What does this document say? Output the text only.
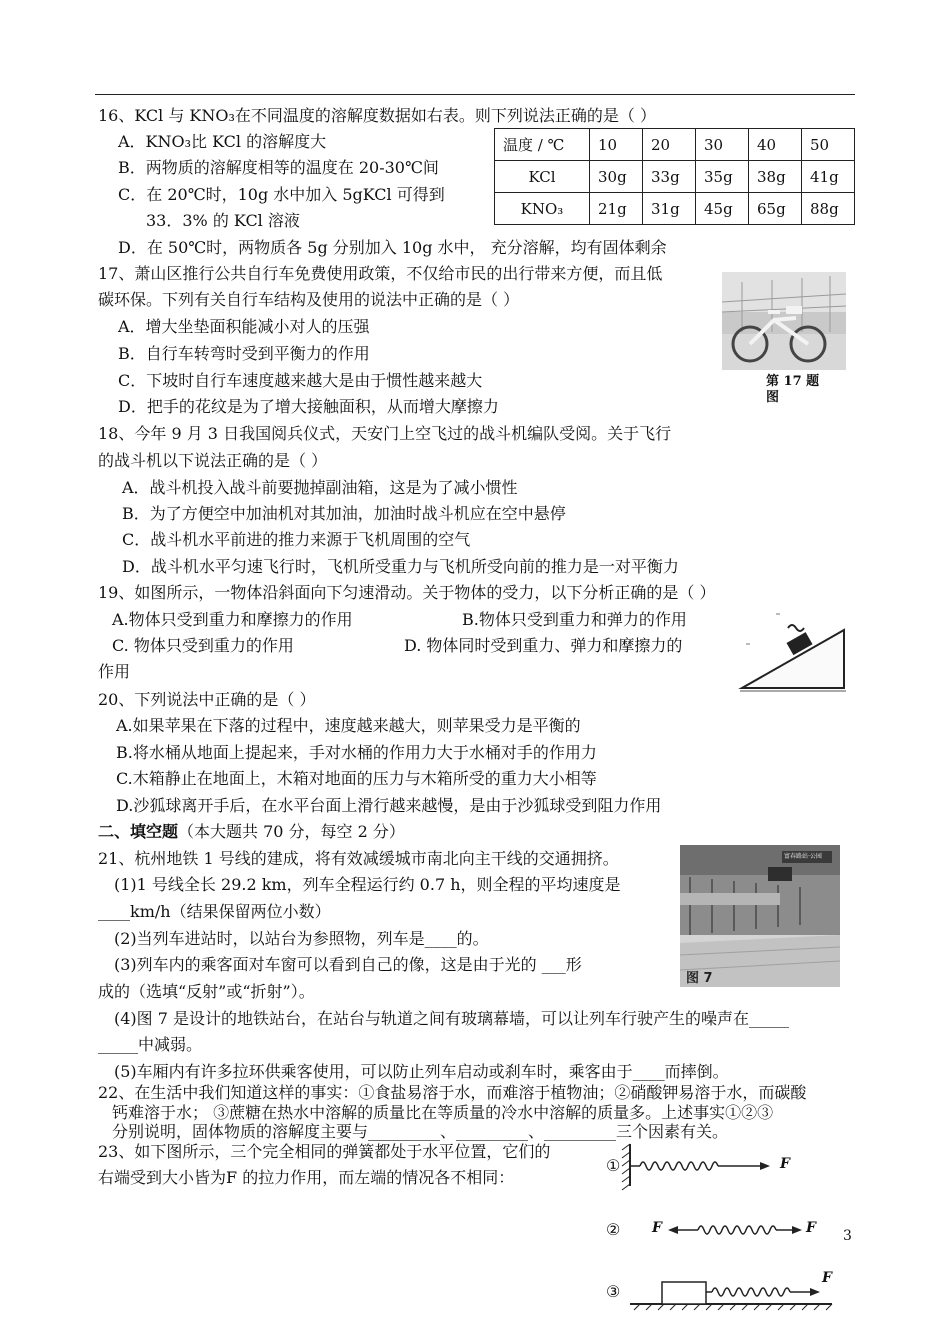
16、KCl 与 KNO₃在不同温度的溶解度数据如右表。则下列说法正确的是（ ）
A．KNO₃比 KCl 的溶解度大
B．两物质的溶解度相等的温度在 20-30℃间
C．在 20℃时，10g 水中加入 5gKCl 可得到
33．3% 的 KCl 溶液
D．在 50℃时，两物质各 5g 分别加入 10g 水中， 充分溶解，均有固体剩余
温度 / ℃	10	20	30	40	50
KCl	30g	33g	35g	38g	41g
KNO₃	21g	31g	45g	65g	88g
17、萧山区推行公共自行车免费使用政策，不仅给市民的出行带来方便，而且低
碳环保。下列有关自行车结构及使用的说法中正确的是（ ）
A．增大坐垫面积能减小对人的压强
B．自行车转弯时受到平衡力的作用
C．下坡时自行车速度越来越大是由于惯性越来越大
D．把手的花纹是为了增大接触面积，从而增大摩擦力
第 17 题
图
18、今年 9 月 3 日我国阅兵仪式，天安门上空飞过的战斗机编队受阅。关于飞行
的战斗机以下说法正确的是（ ）
A．战斗机投入战斗前要抛掉副油箱，这是为了减小惯性
B．为了方便空中加油机对其加油，加油时战斗机应在空中悬停
C．战斗机水平前进的推力来源于飞机周围的空气
D．战斗机水平匀速飞行时，飞机所受重力与飞机所受向前的推力是一对平衡力
19、如图所示，一物体沿斜面向下匀速滑动。关于物体的受力，以下分析正确的是（ ）
A.物体只受到重力和摩擦力的作用	B.物体只受到重力和弹力的作用
C. 物体只受到重力的作用	D. 物体同时受到重力、弹力和摩擦力的
作用
20、下列说法中正确的是（ ）
A.如果苹果在下落的过程中，速度越来越大，则苹果受力是平衡的
B.将水桶从地面上提起来，手对水桶的作用力大于水桶对手的作用力
C.木箱静止在地面上，木箱对地面的压力与木箱所受的重力大小相等
D.沙狐球离开手后，在水平台面上滑行越来越慢，是由于沙狐球受到阻力作用
二、填空题（本大题共 70 分，每空 2 分）
21、杭州地铁 1 号线的建成，将有效减缓城市南北向主干线的交通拥挤。
(1)1 号线全长 29.2 km，列车全程运行约 0.7 h，则全程的平均速度是
____km/h（结果保留两位小数）
(2)当列车进站时，以站台为参照物，列车是____的。
(3)列车内的乘客面对车窗可以看到自己的像，这是由于光的 ___形
成的（选填“反射”或“折射”）。
(4)图 7 是设计的地铁站台，在站台与轨道之间有玻璃幕墙，可以让列车行驶产生的噪声在_____
_____中减弱。
(5)车厢内有许多拉环供乘客使用，可以防止列车启动或刹车时，乘客由于____而摔倒。
富春路站·公园
图 7
22、在生活中我们知道这样的事实：①食盐易溶于水，而难溶于植物油；②硝酸钾易溶于水，而碳酸
钙难溶于水； ③蔗糖在热水中溶解的质量比在等质量的冷水中溶解的质量多。上述事实①②③
分别说明，固体物质的溶解度主要与_________、_________、_________三个因素有关。
23、如下图所示，三个完全相同的弹簧都处于水平位置，它们的
右端受到大小皆为F 的拉力作用，而左端的情况各不相同：
①
②
③
F
F	F
F
3
